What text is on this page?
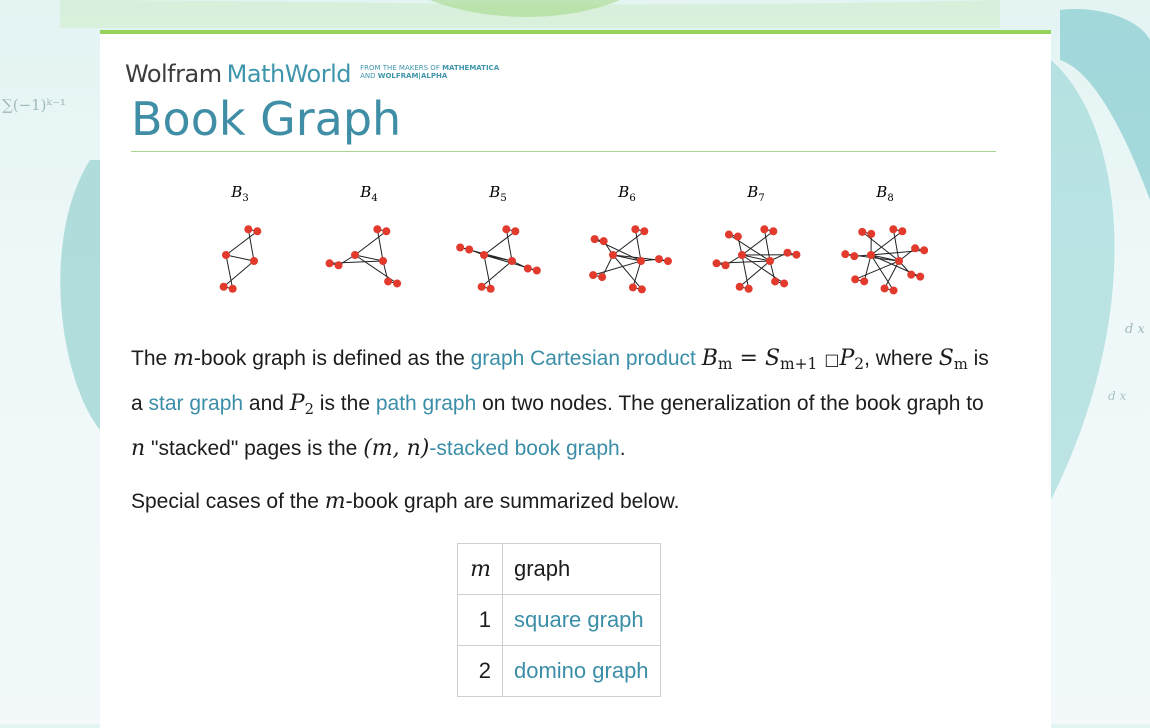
∑(−1)ᵏ⁻¹
d x
d x
Wolfram MathWorld FROM THE MAKERS OF MATHEMATICA
AND WOLFRAM|ALPHA
Book Graph
$B_3$	$B_4$	$B_5$	$B_6$	$B_7$	$B_8$

The m-book graph is defined as the graph Cartesian product $B_m = S_{m+1}$ $□P_2$, where $S_m$ is a star graph and $P_2$ is the path graph on two nodes. The generalization of the book graph to n "stacked" pages is the (m, n)-stacked book graph.

Special cases of the m-book graph are summarized below.

m	graph
1	square graph
2	domino graph
